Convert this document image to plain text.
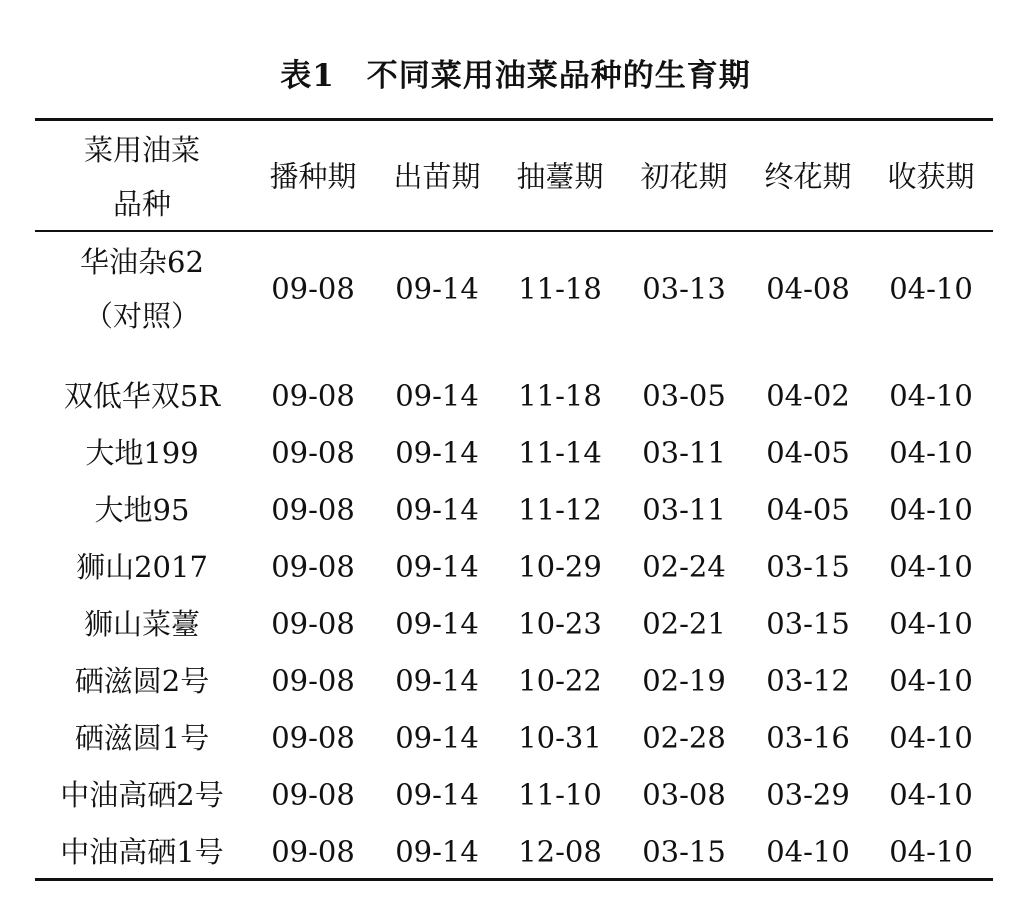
表1　不同菜用油菜品种的生育期
菜用油菜
品种
播种期 出苗期 抽薹期 初花期 终花期 收获期
华油杂62
（对照）
09-08 09-14 11-18 03-13 04-08 04-10
双低华双5R 09-08 09-14 11-18 03-05 04-02 04-10
大地199	09-08 09-14 11-14 03-11 04-05 04-10
大地95	09-08 09-14 11-12 03-11 04-05 04-10
狮山2017 09-08 09-14 10-29 02-24 03-15 04-10
狮山菜薹 09-08 09-14 10-23 02-21 03-15 04-10
硒滋圆2号 09-08 09-14 10-22 02-19 03-12 04-10
硒滋圆1号 09-08 09-14 10-31 02-28 03-16 04-10
中油高硒2号 09-08 09-14 11-10 03-08 03-29 04-10
中油高硒1号 09-08 09-14 12-08 03-15 04-10 04-10
